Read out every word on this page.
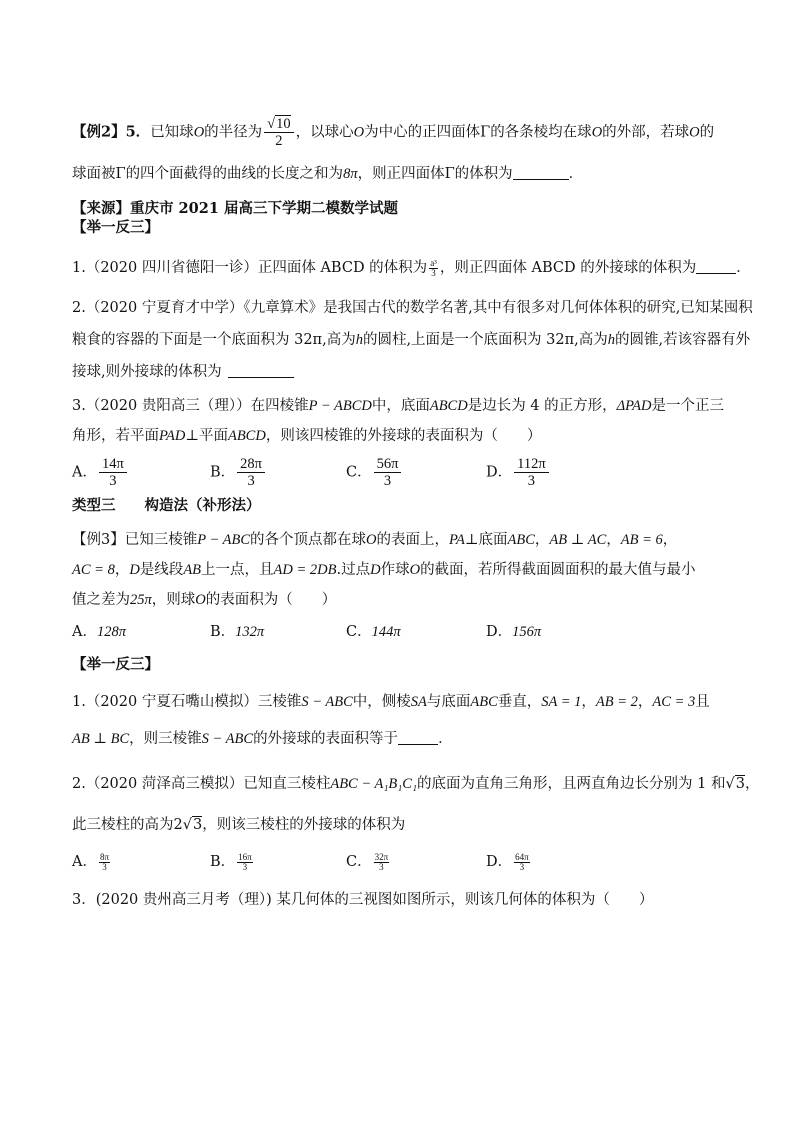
【例2】5．已知球O的半径为 $\frac{√10}{2}$ ，以球心O为中心的正四面体Γ的各条棱均在球O的外部，若球O的
球面被Γ的四个面截得的曲线的长度之和为8π，则正四面体Γ的体积为	．
【来源】重庆市 2021 届高三下学期二模数学试题
【举一反三】
1.（2020 四川省德阳一诊）正四面体 ABCD 的体积为 $\frac{\text{a³}}{3}$ ，则正四面体 ABCD 的外接球的体积为	．
2.（2020 宁夏育才中学）《九章算术》是我国古代的数学名著,其中有很多对几何体体积的研究,已知某囤积
粮食的容器的下面是一个底面积为 32π,高为h的圆柱,上面是一个底面积为 32π,高为h的圆锥,若该容器有外
接球,则外接球的体积为
3.（2020 贵阳高三（理））在四棱锥P − ABCD中，底面ABCD是边长为 4 的正方形，ΔPAD是一个正三
角形，若平面PAD⊥平面ABCD，则该四棱锥的外接球的表面积为（　　）
A． $\frac{14\pi}{3}$	B． $\frac{28\pi}{3}$	C． $\frac{56\pi}{3}$	D． $\frac{112\pi}{3}$
类型三　　构造法（补形法）
【例3】已知三棱锥P − ABC的各个顶点都在球O的表面上，PA⊥底面ABC，AB ⊥ AC，AB = 6，
AC = 8，D是线段AB上一点，且AD = 2DB.过点D作球O的截面，若所得截面圆面积的最大值与最小
值之差为25π，则球O的表面积为（　　）
A．128π	B．132π	C．144π	D．156π
【举一反三】
1.（2020 宁夏石嘴山模拟）三棱锥S − ABC中，侧棱SA与底面ABC垂直，SA = 1，AB = 2，AC = 3且
AB ⊥ BC，则三棱锥S − ABC的外接球的表面积等于	．
2.（2020 菏泽高三模拟）已知直三棱柱ABC − A₁B₁C₁的底面为直角三角形，且两直角边长分别为 1 和√3，
此三棱柱的高为2√3，则该三棱柱的外接球的体积为
A． $\frac{8\pi}{3}$	B． $\frac{16\pi}{3}$	C． $\frac{32\pi}{3}$	D． $\frac{64\pi}{3}$
3．(2020 贵州高三月考（理）) 某几何体的三视图如图所示，则该几何体的体积为（　　）
